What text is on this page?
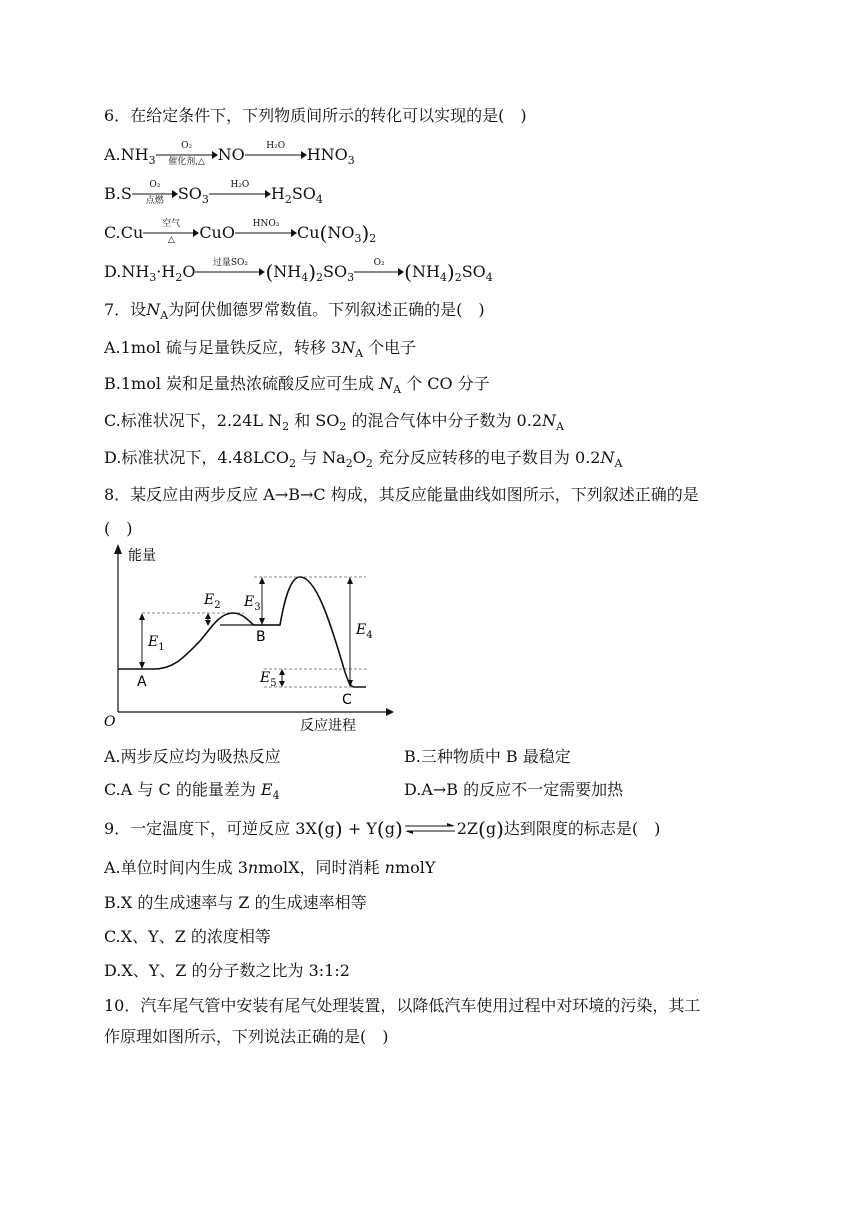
6．在给定条件下，下列物质间所示的转化可以实现的是( )
$A.NH_3$
O₂
催化剂,△ NO	H₂O	$HNO_3$
B.S	O₂
点燃 $SO_3$
H₂O	$H_2SO_4$
C.Cu	空气
△	CuO	HNO₃	$Cu(NO_3)_2$
$D.NH_3\cdot H_2O$	过量SO₂ $(NH_4)_2SO_3$
O₂ $(NH_4)_2SO_4$
7．设$N_A$为阿伏伽德罗常数值。下列叙述正确的是( )
A.1mol 硫与足量铁反应，转移 $3N_A$ 个电子
B.1mol 炭和足量热浓硫酸反应可生成 $N_A$ 个 CO 分子
C.标准状况下，2.24L $N_2$ 和 $SO_2$ 的混合气体中分子数为 $0.2N_A$
D.标准状况下，$4.48LCO_2$ 与 $Na_2O_2$ 充分反应转移的电子数目为 $0.2N_A$
8．某反应由两步反应 A→B→C 构成，其反应能量曲线如图所示，下列叙述正确的是
( )
能量
反应进程
O
$E_1$
$E_2$ $E_3$
$E_4$
$E_5$
A
B
C
A.两步反应均为吸热反应	B.三种物质中 B 最稳定
C.A 与 C 的能量差为 $E_4$	D.A→B 的反应不一定需要加热
9．一定温度下，可逆反应 3X(g) + Y(g)⇌2Z(g)达到限度的标志是( )
A.单位时间内生成 3nmolX，同时消耗 nmolY
B.X 的生成速率与 Z 的生成速率相等
C.X、Y、Z 的浓度相等
D.X、Y、Z 的分子数之比为 3:1:2
10．汽车尾气管中安装有尾气处理装置，以降低汽车使用过程中对环境的污染，其工
作原理如图所示，下列说法正确的是( )
